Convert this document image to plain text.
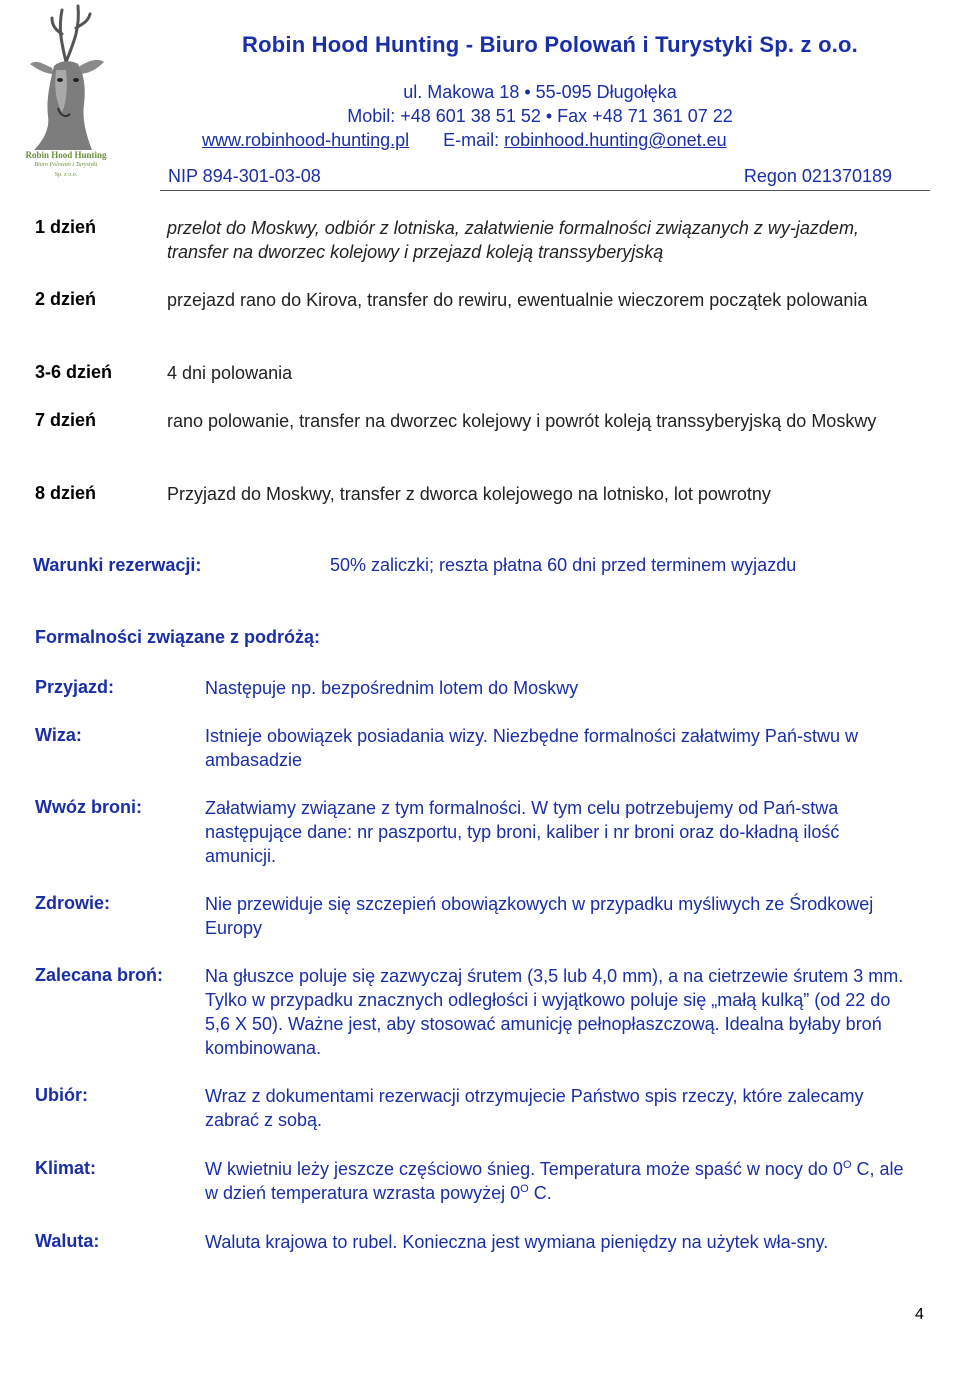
Robin Hood Hunting
Biuro Polowań i Turystyki
Sp. z o.o.
Robin Hood Hunting - Biuro Polowań i Turystyki Sp. z o.o.
ul. Makowa 18 • 55-095 Długołęka
Mobil: +48 601 38 51 52 • Fax +48 71 361 07 22
www.robinhood-hunting.pl E-mail: robinhood.hunting@onet.eu
NIP 894-301-03-08	Regon 021370189
1 dzień	przelot do Moskwy, odbiór z lotniska, załatwienie formalności związanych z wy-jazdem, transfer na dworzec kolejowy i przejazd koleją transsyberyjską
2 dzień	przejazd rano do Kirova, transfer do rewiru, ewentualnie wieczorem początek polowania
3-6 dzień	4 dni polowania
7 dzień	rano polowanie, transfer na dworzec kolejowy i powrót koleją transsyberyjską do Moskwy
8 dzień	Przyjazd do Moskwy, transfer z dworca kolejowego na lotnisko, lot powrotny
Warunki rezerwacji:	50% zaliczki; reszta płatna 60 dni przed terminem wyjazdu
Formalności związane z podróżą:
Przyjazd:	Następuje np. bezpośrednim lotem do Moskwy
Wiza:	Istnieje obowiązek posiadania wizy. Niezbędne formalności załatwimy Pań-stwu w ambasadzie
Wwóz broni:	Załatwiamy związane z tym formalności. W tym celu potrzebujemy od Pań-stwa następujące dane: nr paszportu, typ broni, kaliber i nr broni oraz do-kładną ilość amunicji.
Zdrowie:	Nie przewiduje się szczepień obowiązkowych w przypadku myśliwych ze Środkowej Europy
Zalecana broń: Na głuszce poluje się zazwyczaj śrutem (3,5 lub 4,0 mm), a na cietrzewie śrutem 3 mm. Tylko w przypadku znacznych odległości i wyjątkowo poluje się „małą kulką” (od 22 do 5,6 X 50). Ważne jest, aby stosować amunicję pełnopłaszczową. Idealna byłaby broń kombinowana.
Ubiór:	Wraz z dokumentami rezerwacji otrzymujecie Państwo spis rzeczy, które zalecamy zabrać z sobą.
Klimat:	W kwietniu leży jeszcze częściowo śnieg. Temperatura może spaść w nocy do $0^O$ C, ale w dzień temperatura wzrasta powyżej $0^O$ C.
Waluta:	Waluta krajowa to rubel. Konieczna jest wymiana pieniędzy na użytek wła-sny.
4
